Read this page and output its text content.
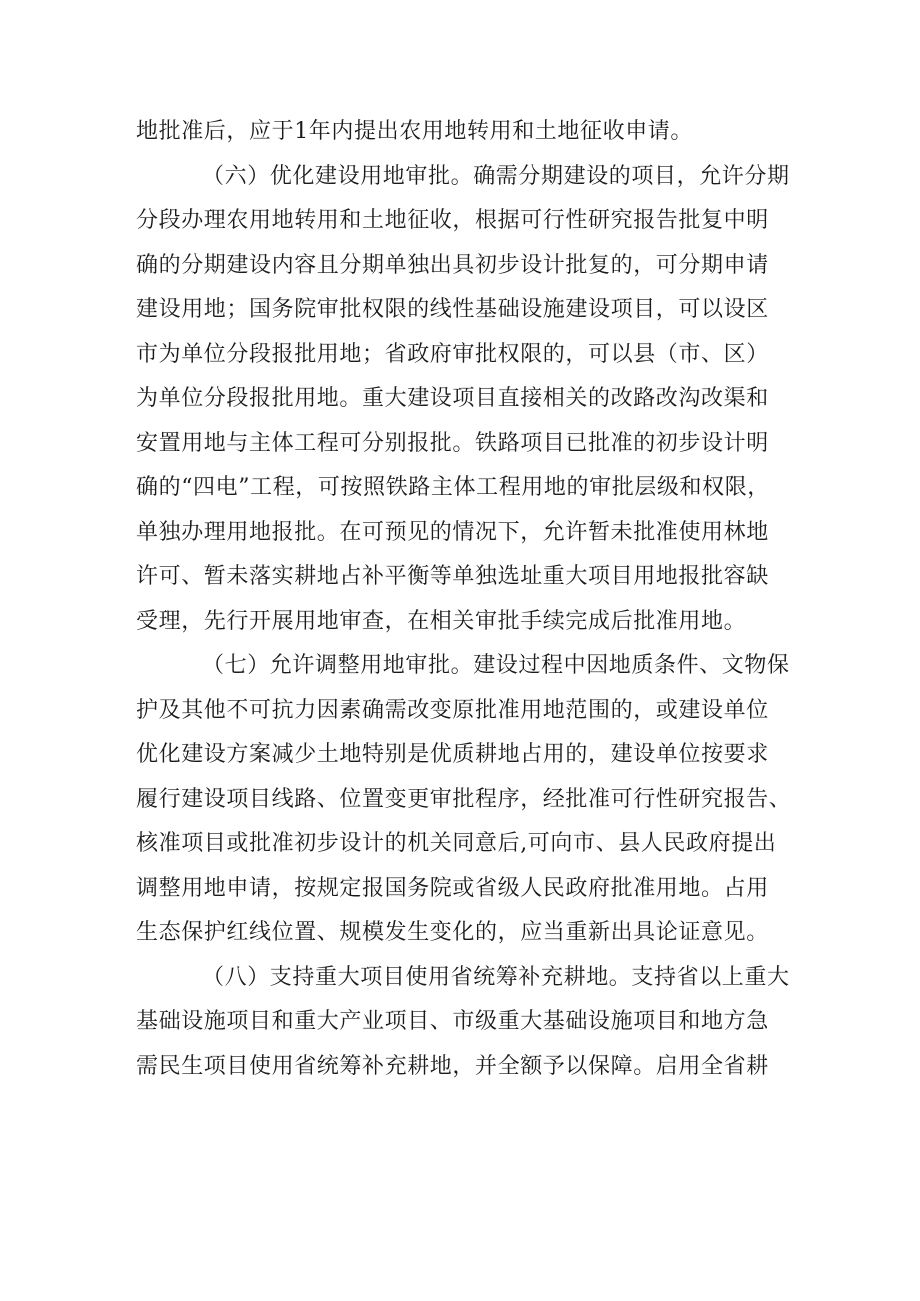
地批准后，应于1年内提出农用地转用和土地征收申请。
（六）优化建设用地审批。确需分期建设的项目，允许分期
分段办理农用地转用和土地征收，根据可行性研究报告批复中明
确的分期建设内容且分期单独出具初步设计批复的，可分期申请
建设用地；国务院审批权限的线性基础设施建设项目，可以设区
市为单位分段报批用地；省政府审批权限的，可以县（市、区）
为单位分段报批用地。重大建设项目直接相关的改路改沟改渠和
安置用地与主体工程可分别报批。铁路项目已批准的初步设计明
确的“四电”工程，可按照铁路主体工程用地的审批层级和权限，
单独办理用地报批。在可预见的情况下，允许暂未批准使用林地
许可、暂未落实耕地占补平衡等单独选址重大项目用地报批容缺
受理，先行开展用地审查，在相关审批手续完成后批准用地。
（七）允许调整用地审批。建设过程中因地质条件、文物保
护及其他不可抗力因素确需改变原批准用地范围的，或建设单位
优化建设方案减少土地特别是优质耕地占用的，建设单位按要求
履行建设项目线路、位置变更审批程序，经批准可行性研究报告、
核准项目或批准初步设计的机关同意后,可向市、县人民政府提出
调整用地申请，按规定报国务院或省级人民政府批准用地。占用
生态保护红线位置、规模发生变化的，应当重新出具论证意见。
（八）支持重大项目使用省统筹补充耕地。支持省以上重大
基础设施项目和重大产业项目、市级重大基础设施项目和地方急
需民生项目使用省统筹补充耕地，并全额予以保障。启用全省耕
